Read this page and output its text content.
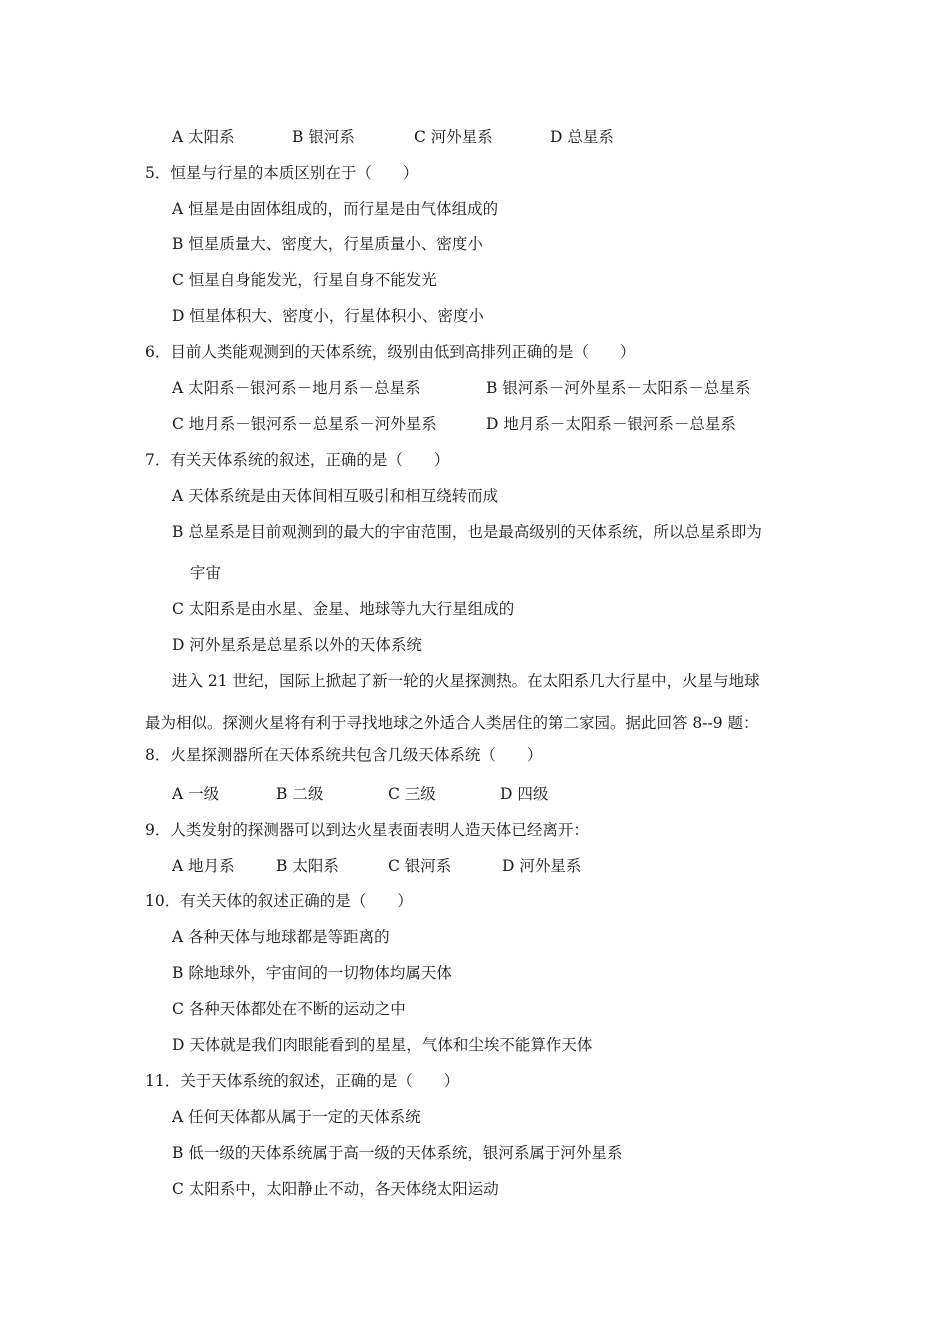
A 太阳系	B 银河系	C 河外星系	D 总星系
5．恒星与行星的本质区别在于（　　）
A 恒星是由固体组成的，而行星是由气体组成的
B 恒星质量大、密度大，行星质量小、密度小
C 恒星自身能发光，行星自身不能发光
D 恒星体积大、密度小，行星体积小、密度小
6．目前人类能观测到的天体系统，级别由低到高排列正确的是（　　）
A 太阳系－银河系－地月系－总星系	B 银河系－河外星系－太阳系－总星系
C 地月系－银河系－总星系－河外星系	D 地月系－太阳系－银河系－总星系
7．有关天体系统的叙述，正确的是（　　）
A 天体系统是由天体间相互吸引和相互绕转而成
B 总星系是目前观测到的最大的宇宙范围，也是最高级别的天体系统，所以总星系即为
宇宙
C 太阳系是由水星、金星、地球等九大行星组成的
D 河外星系是总星系以外的天体系统
进入 21 世纪，国际上掀起了新一轮的火星探测热。在太阳系几大行星中，火星与地球
最为相似。探测火星将有利于寻找地球之外适合人类居住的第二家园。据此回答 8--9 题：
8．火星探测器所在天体系统共包含几级天体系统（　　）
A 一级	B 二级	C 三级	D 四级
9．人类发射的探测器可以到达火星表面表明人造天体已经离开：
A 地月系	B 太阳系	C 银河系	D 河外星系
10．有关天体的叙述正确的是（　　）
A 各种天体与地球都是等距离的
B 除地球外，宇宙间的一切物体均属天体
C 各种天体都处在不断的运动之中
D 天体就是我们肉眼能看到的星星，气体和尘埃不能算作天体
11．关于天体系统的叙述，正确的是（　　）
A 任何天体都从属于一定的天体系统
B 低一级的天体系统属于高一级的天体系统，银河系属于河外星系
C 太阳系中，太阳静止不动，各天体绕太阳运动
